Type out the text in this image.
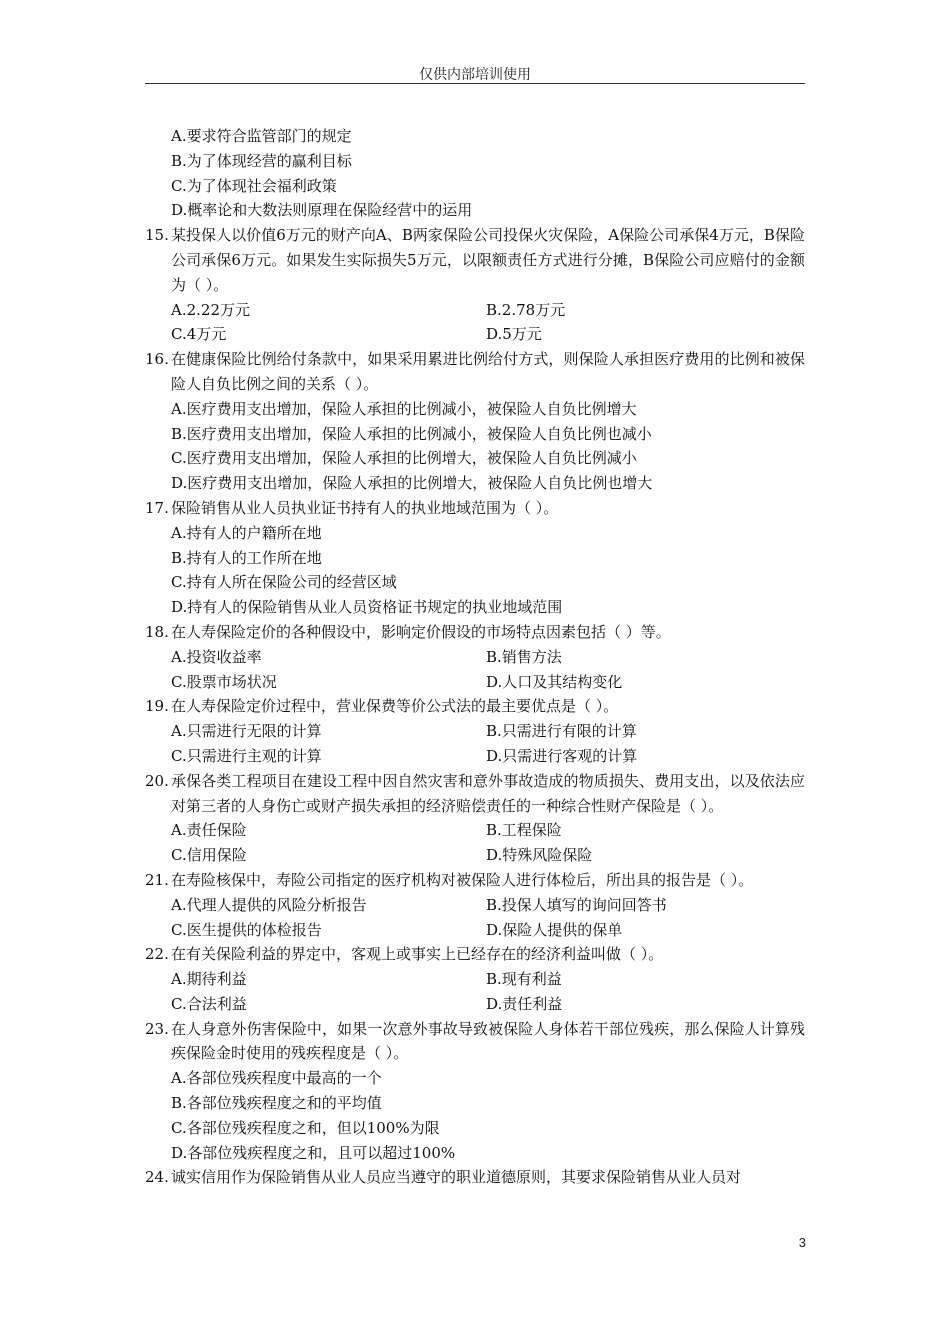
仅供内部培训使用
A.要求符合监管部门的规定
B.为了体现经营的赢利目标
C.为了体现社会福利政策
D.概率论和大数法则原理在保险经营中的运用
15. 某投保人以价值6万元的财产向A、B两家保险公司投保火灾保险，A保险公司承保4万元，B保险公司承保6万元。如果发生实际损失5万元，以限额责任方式进行分摊，B保险公司应赔付的金额为（ ）。
A.2.22万元	B.2.78万元
C.4万元	D.5万元
16. 在健康保险比例给付条款中，如果采用累进比例给付方式，则保险人承担医疗费用的比例和被保险人自负比例之间的关系（ ）。
A.医疗费用支出增加，保险人承担的比例减小，被保险人自负比例增大
B.医疗费用支出增加，保险人承担的比例减小，被保险人自负比例也减小
C.医疗费用支出增加，保险人承担的比例增大，被保险人自负比例减小
D.医疗费用支出增加，保险人承担的比例增大，被保险人自负比例也增大
17. 保险销售从业人员执业证书持有人的执业地域范围为（ ）。
A.持有人的户籍所在地
B.持有人的工作所在地
C.持有人所在保险公司的经营区域
D.持有人的保险销售从业人员资格证书规定的执业地域范围
18. 在人寿保险定价的各种假设中，影响定价假设的市场特点因素包括（ ）等。
A.投资收益率	B.销售方法
C.股票市场状况	D.人口及其结构变化
19. 在人寿保险定价过程中，营业保费等价公式法的最主要优点是（ ）。
A.只需进行无限的计算	B.只需进行有限的计算
C.只需进行主观的计算	D.只需进行客观的计算
20. 承保各类工程项目在建设工程中因自然灾害和意外事故造成的物质损失、费用支出，以及依法应对第三者的人身伤亡或财产损失承担的经济赔偿责任的一种综合性财产保险是（ ）。
A.责任保险	B.工程保险
C.信用保险	D.特殊风险保险
21. 在寿险核保中，寿险公司指定的医疗机构对被保险人进行体检后，所出具的报告是（ ）。
A.代理人提供的风险分析报告	B.投保人填写的询问回答书
C.医生提供的体检报告	D.保险人提供的保单
22. 在有关保险利益的界定中，客观上或事实上已经存在的经济利益叫做（ ）。
A.期待利益	B.现有利益
C.合法利益	D.责任利益
23. 在人身意外伤害保险中，如果一次意外事故导致被保险人身体若干部位残疾，那么保险人计算残疾保险金时使用的残疾程度是（ ）。
A.各部位残疾程度中最高的一个
B.各部位残疾程度之和的平均值
C.各部位残疾程度之和，但以100%为限
D.各部位残疾程度之和，且可以超过100%
24. 诚实信用作为保险销售从业人员应当遵守的职业道德原则，其要求保险销售从业人员对
3
